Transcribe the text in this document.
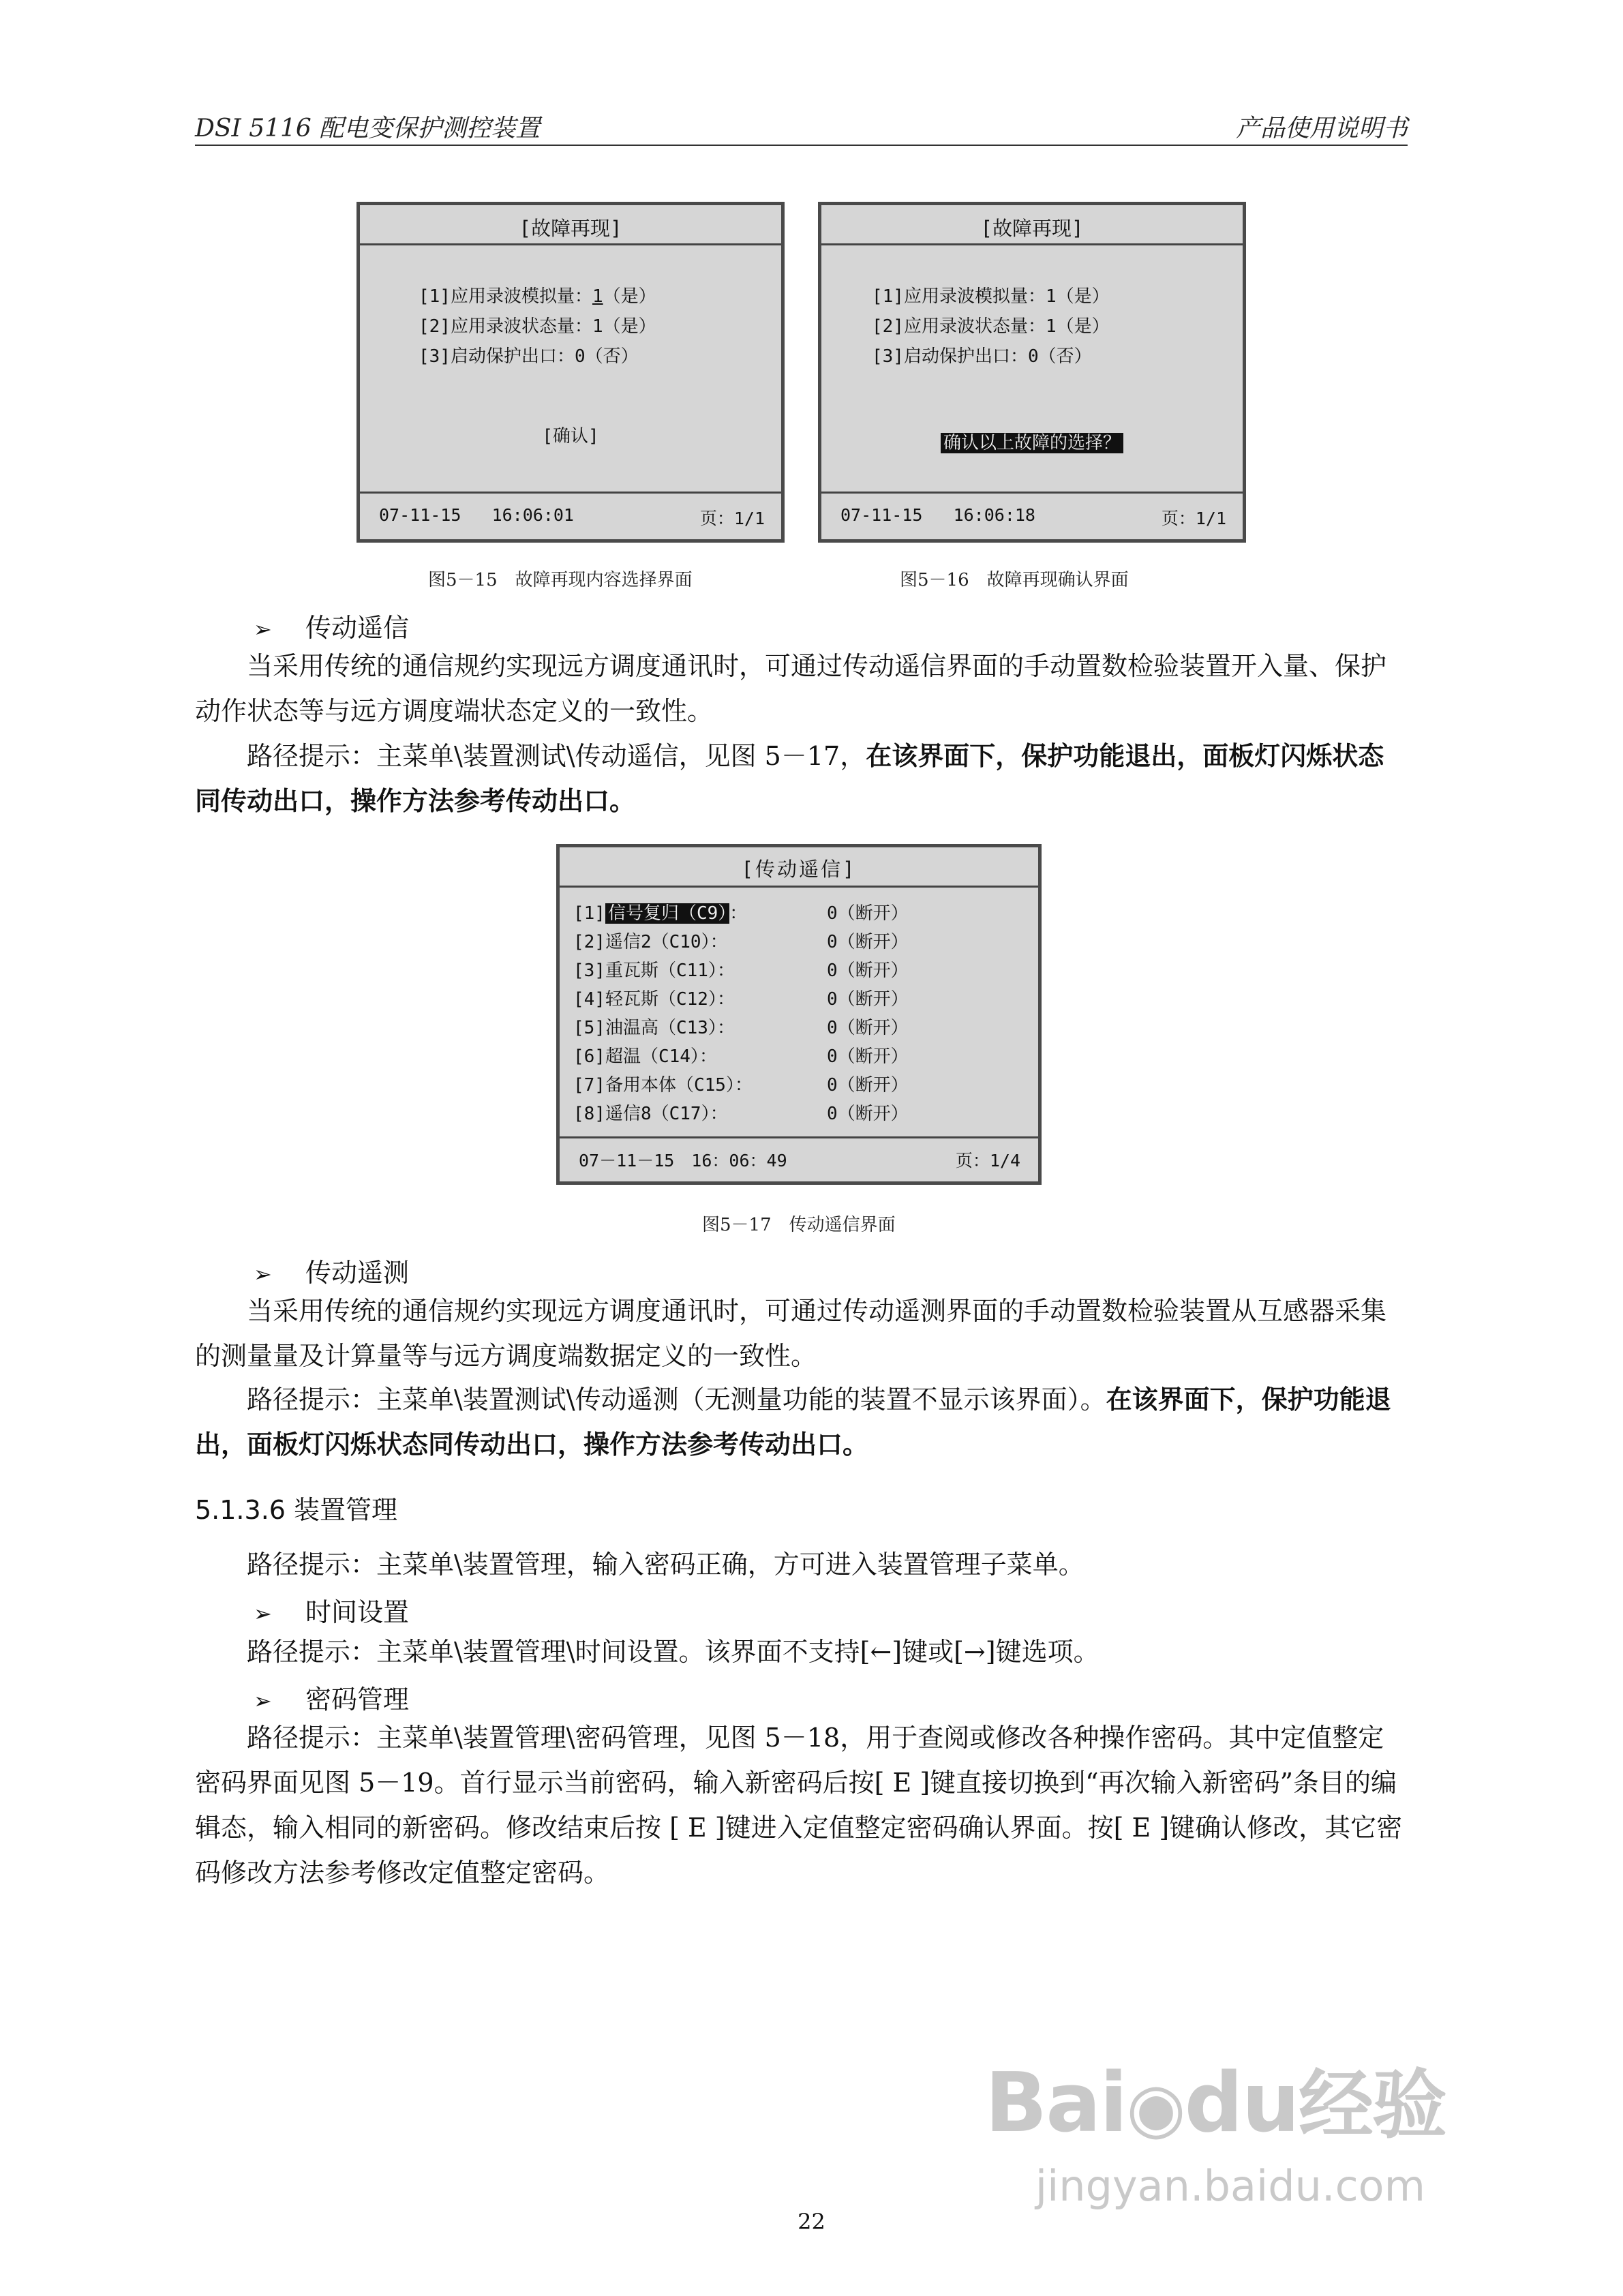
DSI 5116 配电变保护测控装置	产品使用说明书
[故障再现]
[1]应用录波模拟量：1（是）
[2]应用录波状态量：1（是）
[3]启动保护出口：0（否）
[确认]
07-11-15 16:06:01	页：1/1
图5－15　故障再现内容选择界面
[故障再现]
[1]应用录波模拟量：1（是）
[2]应用录波状态量：1（是）
[3]启动保护出口：0（否）
确认以上故障的选择？
07-11-15 16:06:18	页：1/1
图5－16　故障再现确认界面
➢ 传动遥信

当采用传统的通信规约实现远方调度通讯时，可通过传动遥信界面的手动置数检验装置开入量、保护动作状态等与远方调度端状态定义的一致性。

路径提示：主菜单\装置测试\传动遥信，见图 5－17，在该界面下，保护功能退出，面板灯闪烁状态同传动出口，操作方法参考传动出口。

[传动遥信]
[1] 信号复归（C9） ：	0（断开）
[2]遥信2（C10）：	0（断开）
[3]重瓦斯（C11）：	0（断开）
[4]轻瓦斯（C12）：	0（断开）
[5]油温高（C13）：	0（断开）
[6]超温（C14）：	0（断开）
[7]备用本体（C15）：	0（断开）
[8]遥信8（C17）：	0（断开）
07－11－15　16：06：49	页：1/4
图5－17　传动遥信界面
➢ 传动遥测

当采用传统的通信规约实现远方调度通讯时，可通过传动遥测界面的手动置数检验装置从互感器采集的测量量及计算量等与远方调度端数据定义的一致性。

路径提示：主菜单\装置测试\传动遥测（无测量功能的装置不显示该界面）。在该界面下，保护功能退出，面板灯闪烁状态同传动出口，操作方法参考传动出口。

5.1.3.6 装置管理

路径提示：主菜单\装置管理，输入密码正确，方可进入装置管理子菜单。

➢ 时间设置

路径提示：主菜单\装置管理\时间设置。该界面不支持[←]键或[→]键选项。

➢ 密码管理

路径提示：主菜单\装置管理\密码管理，见图 5－18，用于查阅或修改各种操作密码。其中定值整定密码界面见图 5－19。首行显示当前密码，输入新密码后按[ E ]键直接切换到“再次输入新密码”条目的编辑态，输入相同的新密码。修改结束后按 [ E ]键进入定值整定密码确认界面。按[ E ]键确认修改，其它密码修改方法参考修改定值整定密码。

Bai◉du经验
jingyan.baidu.com
22
